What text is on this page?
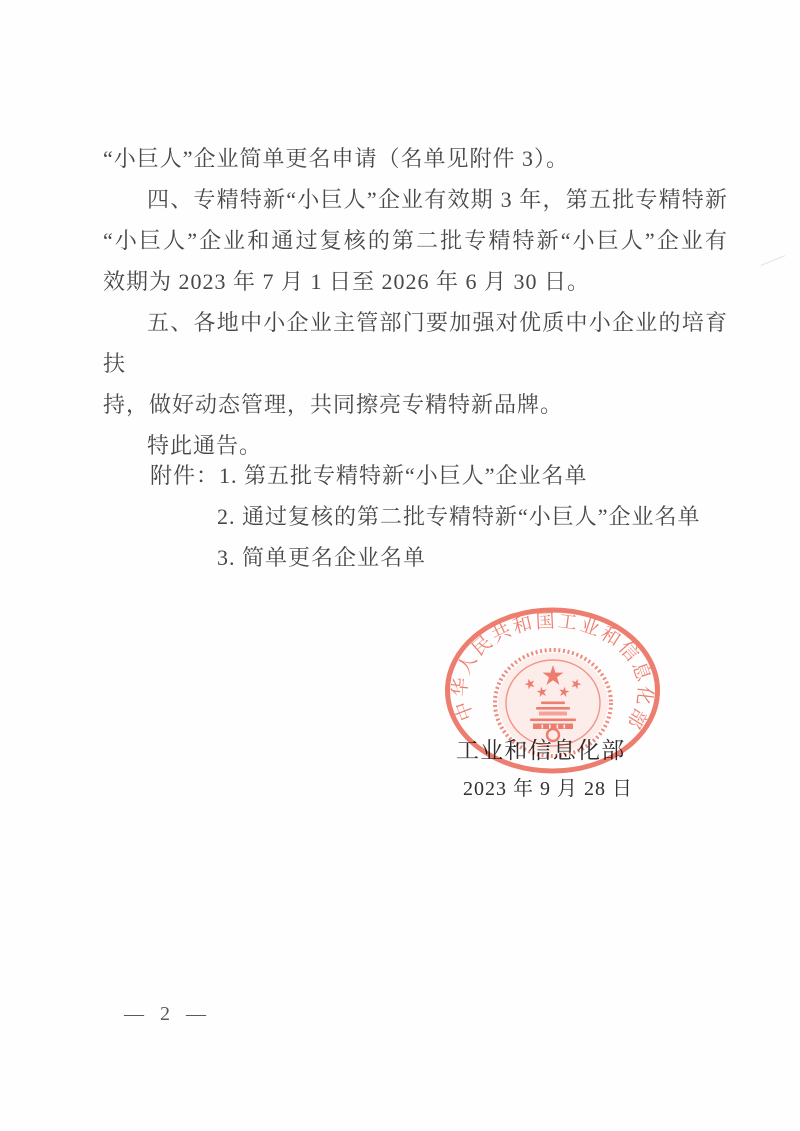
“小巨人”企业简单更名申请（名单见附件 3）。

四、专精特新“小巨人”企业有效期 3 年，第五批专精特新

“小巨人”企业和通过复核的第二批专精特新“小巨人”企业有

效期为 2023 年 7 月 1 日至 2026 年 6 月 30 日。

五、各地中小企业主管部门要加强对优质中小企业的培育扶

持，做好动态管理，共同擦亮专精特新品牌。

特此通告。

附件：1. 第五批专精特新“小巨人”企业名单

2. 通过复核的第二批专精特新“小巨人”企业名单

3. 简单更名企业名单

工业和信息化部
2023 年 9 月 28 日
中华人民共和国工业和信息化部
— 2 —
